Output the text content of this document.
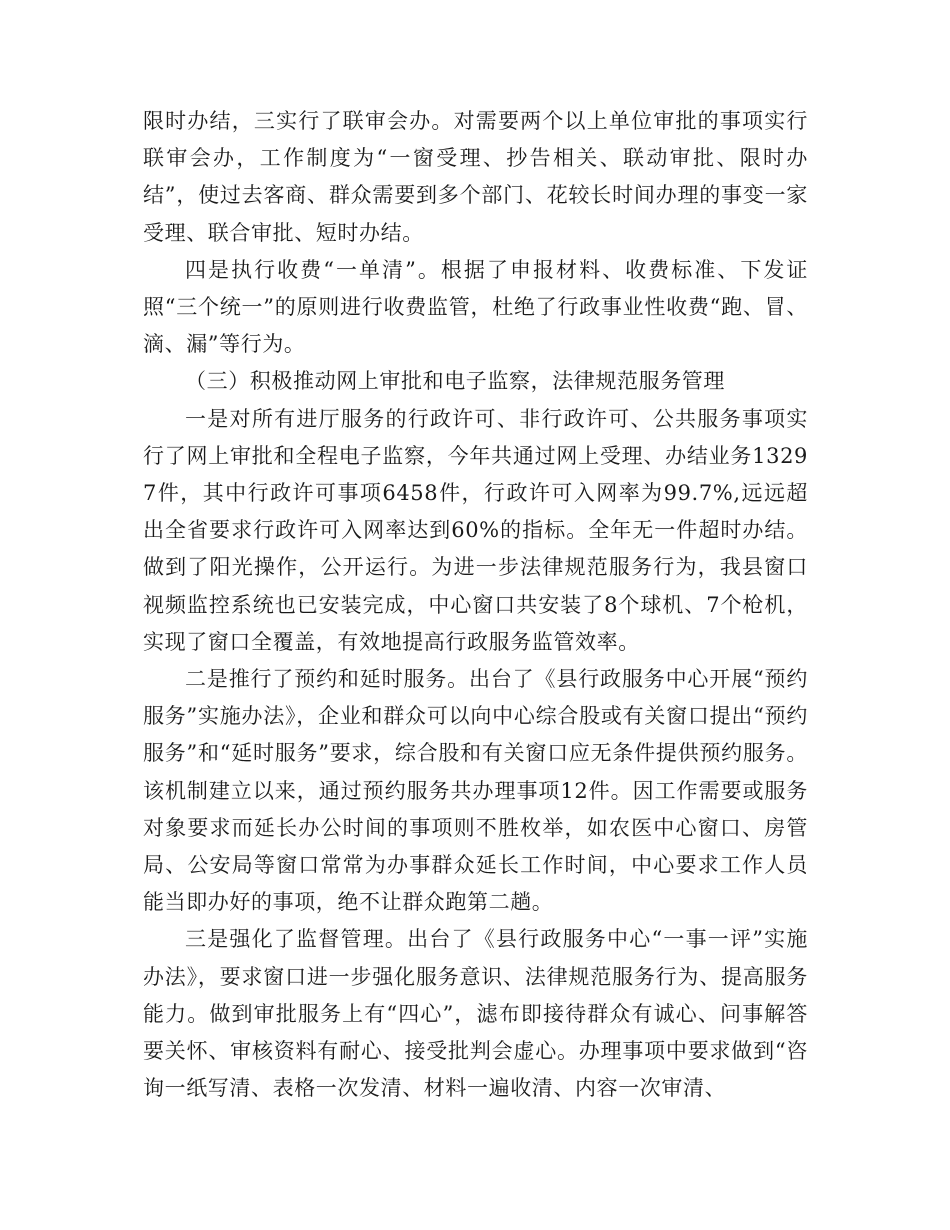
限时办结，三实行了联审会办。对需要两个以上单位审批的事项实行联审会办，工作制度为“一窗受理、抄告相关、联动审批、限时办结”，使过去客商、群众需要到多个部门、花较长时间办理的事变一家受理、联合审批、短时办结。

四是执行收费“一单清”。根据了申报材料、收费标准、下发证照“三个统一”的原则进行收费监管，杜绝了行政事业性收费“跑、冒、滴、漏”等行为。

（三）积极推动网上审批和电子监察，法律规范服务管理

一是对所有进厅服务的行政许可、非行政许可、公共服务事项实行了网上审批和全程电子监察，今年共通过网上受理、办结业务13297件，其中行政许可事项6458件，行政许可入网率为99.7%,远远超出全省要求行政许可入网率达到60%的指标。全年无一件超时办结。做到了阳光操作，公开运行。为进一步法律规范服务行为，我县窗口视频监控系统也已安装完成，中心窗口共安装了8个球机、7个枪机，实现了窗口全覆盖，有效地提高行政服务监管效率。

二是推行了预约和延时服务。出台了《县行政服务中心开展“预约服务”实施办法》，企业和群众可以向中心综合股或有关窗口提出“预约服务”和“延时服务”要求，综合股和有关窗口应无条件提供预约服务。该机制建立以来，通过预约服务共办理事项12件。因工作需要或服务对象要求而延长办公时间的事项则不胜枚举，如农医中心窗口、房管局、公安局等窗口常常为办事群众延长工作时间，中心要求工作人员能当即办好的事项，绝不让群众跑第二趟。

三是强化了监督管理。出台了《县行政服务中心“一事一评”实施办法》，要求窗口进一步强化服务意识、法律规范服务行为、提高服务能力。做到审批服务上有“四心”，滤布即接待群众有诚心、问事解答要关怀、审核资料有耐心、接受批判会虚心。办理事项中要求做到“咨询一纸写清、表格一次发清、材料一遍收清、内容一次审清、
